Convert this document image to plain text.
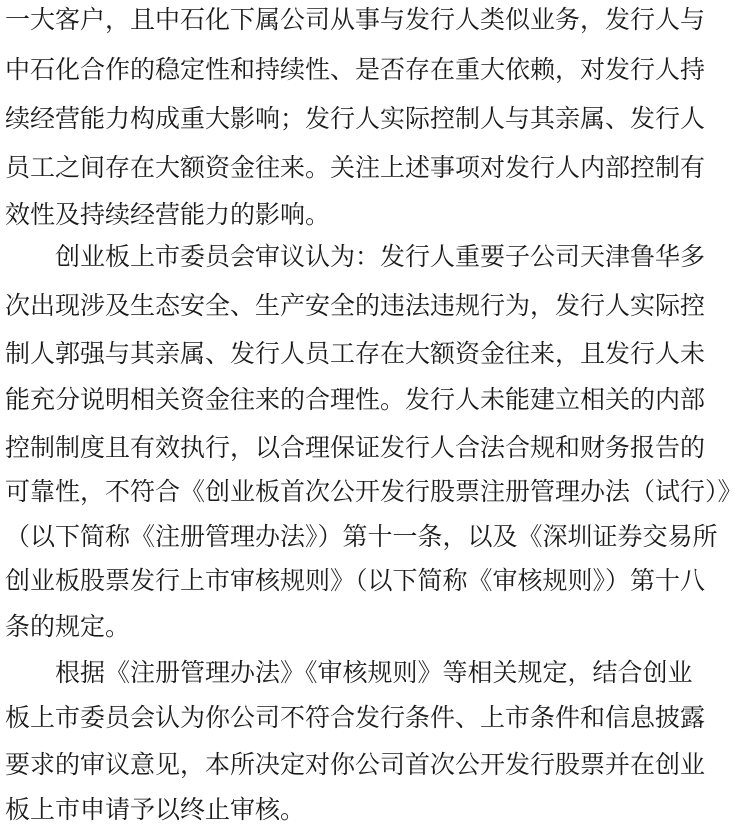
一大客户，且中石化下属公司从事与发行人类似业务，发行人与
中石化合作的稳定性和持续性、是否存在重大依赖，对发行人持
续经营能力构成重大影响；发行人实际控制人与其亲属、发行人
员工之间存在大额资金往来。关注上述事项对发行人内部控制有
效性及持续经营能力的影响。
　　创业板上市委员会审议认为：发行人重要子公司天津鲁华多
次出现涉及生态安全、生产安全的违法违规行为，发行人实际控
制人郭强与其亲属、发行人员工存在大额资金往来，且发行人未
能充分说明相关资金往来的合理性。发行人未能建立相关的内部
控制制度且有效执行，以合理保证发行人合法合规和财务报告的
可靠性，不符合《创业板首次公开发行股票注册管理办法（试行）》
（以下简称《注册管理办法》）第十一条，以及《深圳证券交易所
创业板股票发行上市审核规则》（以下简称《审核规则》）第十八
条的规定。
　　根据《注册管理办法》《审核规则》等相关规定，结合创业
板上市委员会认为你公司不符合发行条件、上市条件和信息披露
要求的审议意见，本所决定对你公司首次公开发行股票并在创业
板上市申请予以终止审核。
